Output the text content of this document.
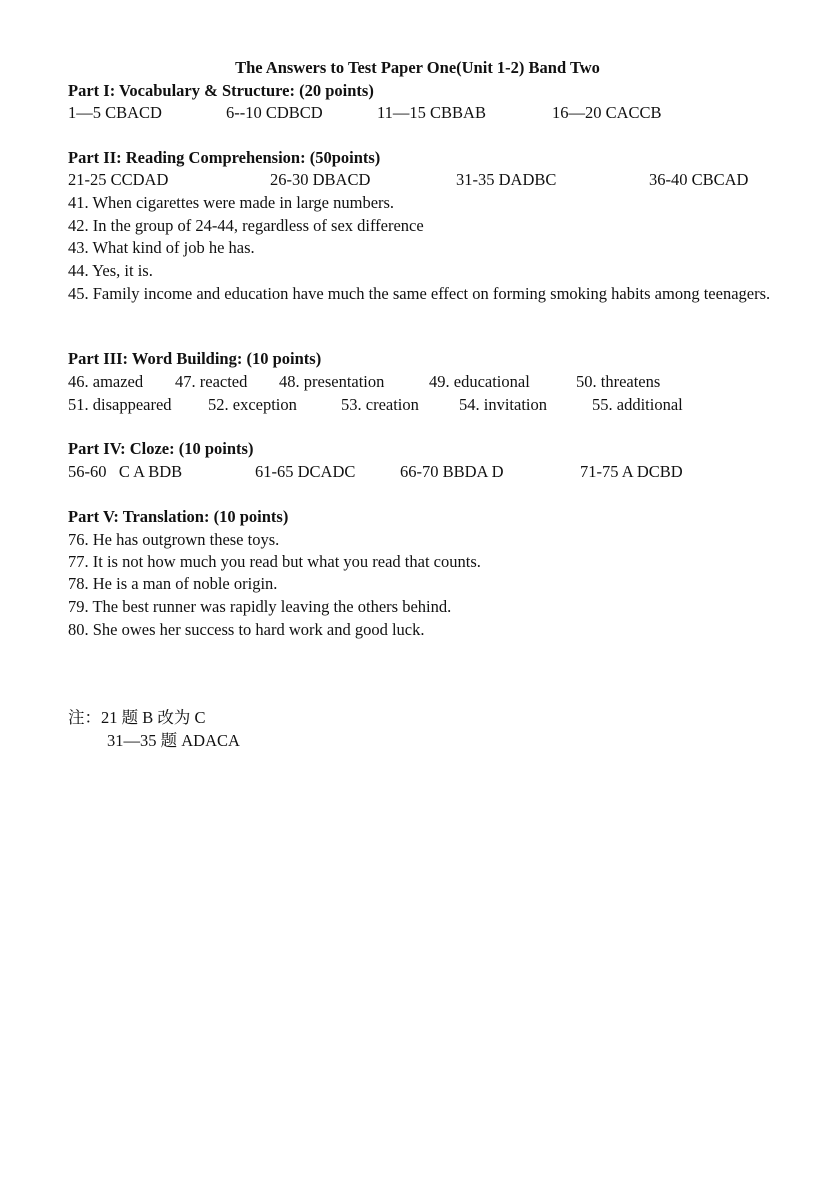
The Answers to Test Paper One(Unit 1-2) Band Two
Part I: Vocabulary & Structure: (20 points)
1—5 CBACD	6--10 CDBCD	11—15 CBBAB	16—20 CACCB
Part II: Reading Comprehension: (50points)
21-25 CCDAD	26-30 DBACD	31-35 DADBC	36-40 CBCAD
41. When cigarettes were made in large numbers.
42. In the group of 24-44, regardless of sex difference
43. What kind of job he has.
44. Yes, it is.
45. Family income and education have much the same effect on forming smoking habits among teenagers.
Part III: Word Building: (10 points)
46. amazed 47. reacted 48. presentation	49. educational	50. threatens
51. disappeared 52. exception	53. creation 54. invitation	55. additional
Part IV: Cloze: (10 points)
56-60   C A BDB	61-65 DCADC	66-70 BBDA D	71-75 A DCBD
Part V: Translation: (10 points)
76. He has outgrown these toys.
77. It is not how much you read but what you read that counts.
78. He is a man of noble origin.
79. The best runner was rapidly leaving the others behind.
80. She owes her success to hard work and good luck.
注：21 题 B 改为 C
31—35 题 ADACA
